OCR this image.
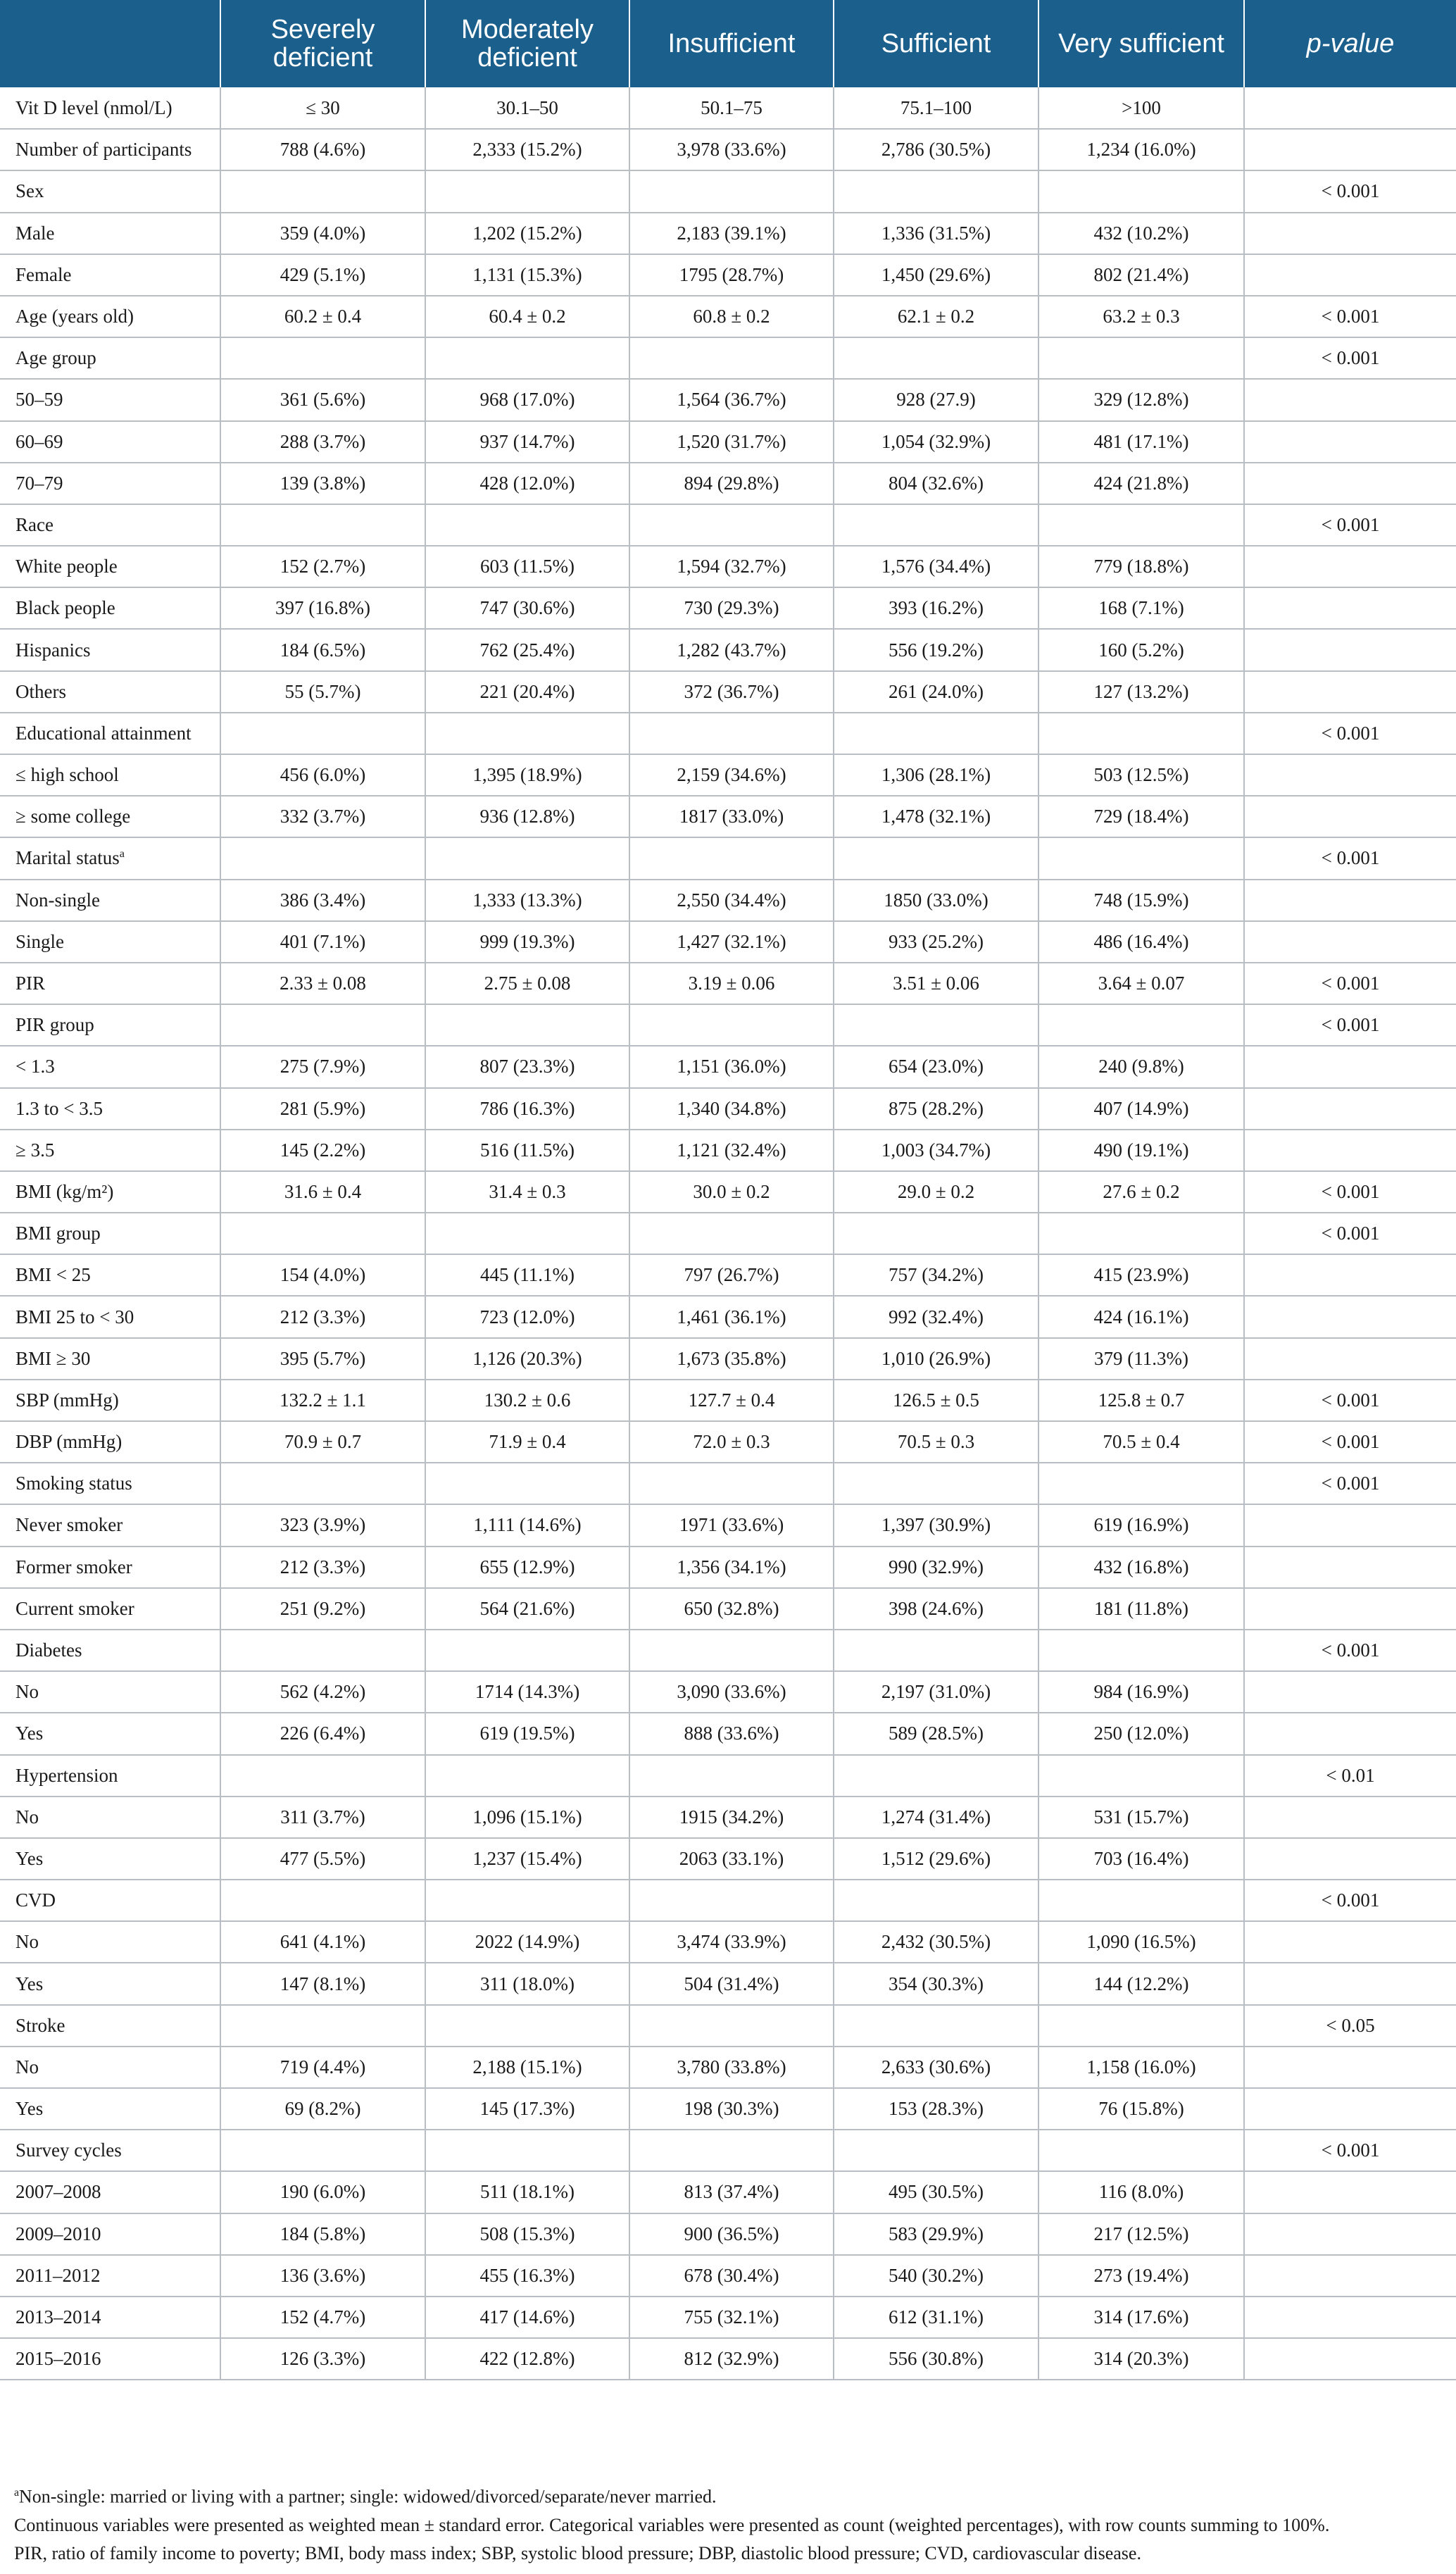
	Severely deficient	Moderately deficient	Insufficient	Sufficient	Very sufficient	p-value
Vit D level (nmol/L)	≤ 30	30.1–50	50.1–75	75.1–100	>100	
Number of participants	788 (4.6%)	2,333 (15.2%)	3,978 (33.6%)	2,786 (30.5%)	1,234 (16.0%)	
Sex						< 0.001
Male	359 (4.0%)	1,202 (15.2%)	2,183 (39.1%)	1,336 (31.5%)	432 (10.2%)	
Female	429 (5.1%)	1,131 (15.3%)	1795 (28.7%)	1,450 (29.6%)	802 (21.4%)	
Age (years old)	60.2 ± 0.4	60.4 ± 0.2	60.8 ± 0.2	62.1 ± 0.2	63.2 ± 0.3	< 0.001
Age group						< 0.001
50–59	361 (5.6%)	968 (17.0%)	1,564 (36.7%)	928 (27.9)	329 (12.8%)	
60–69	288 (3.7%)	937 (14.7%)	1,520 (31.7%)	1,054 (32.9%)	481 (17.1%)	
70–79	139 (3.8%)	428 (12.0%)	894 (29.8%)	804 (32.6%)	424 (21.8%)	
Race						< 0.001
White people	152 (2.7%)	603 (11.5%)	1,594 (32.7%)	1,576 (34.4%)	779 (18.8%)	
Black people	397 (16.8%)	747 (30.6%)	730 (29.3%)	393 (16.2%)	168 (7.1%)	
Hispanics	184 (6.5%)	762 (25.4%)	1,282 (43.7%)	556 (19.2%)	160 (5.2%)	
Others	55 (5.7%)	221 (20.4%)	372 (36.7%)	261 (24.0%)	127 (13.2%)	
Educational attainment						< 0.001
≤ high school	456 (6.0%)	1,395 (18.9%)	2,159 (34.6%)	1,306 (28.1%)	503 (12.5%)	
≥ some college	332 (3.7%)	936 (12.8%)	1817 (33.0%)	1,478 (32.1%)	729 (18.4%)	
Marital status$^a$						< 0.001
Non-single	386 (3.4%)	1,333 (13.3%)	2,550 (34.4%)	1850 (33.0%)	748 (15.9%)	
Single	401 (7.1%)	999 (19.3%)	1,427 (32.1%)	933 (25.2%)	486 (16.4%)	
PIR	2.33 ± 0.08	2.75 ± 0.08	3.19 ± 0.06	3.51 ± 0.06	3.64 ± 0.07	< 0.001
PIR group						< 0.001
< 1.3	275 (7.9%)	807 (23.3%)	1,151 (36.0%)	654 (23.0%)	240 (9.8%)	
1.3 to < 3.5	281 (5.9%)	786 (16.3%)	1,340 (34.8%)	875 (28.2%)	407 (14.9%)	
≥ 3.5	145 (2.2%)	516 (11.5%)	1,121 (32.4%)	1,003 (34.7%)	490 (19.1%)	
BMI (kg/m²)	31.6 ± 0.4	31.4 ± 0.3	30.0 ± 0.2	29.0 ± 0.2	27.6 ± 0.2	< 0.001
BMI group						< 0.001
BMI < 25	154 (4.0%)	445 (11.1%)	797 (26.7%)	757 (34.2%)	415 (23.9%)	
BMI 25 to < 30	212 (3.3%)	723 (12.0%)	1,461 (36.1%)	992 (32.4%)	424 (16.1%)	
BMI ≥ 30	395 (5.7%)	1,126 (20.3%)	1,673 (35.8%)	1,010 (26.9%)	379 (11.3%)	
SBP (mmHg)	132.2 ± 1.1	130.2 ± 0.6	127.7 ± 0.4	126.5 ± 0.5	125.8 ± 0.7	< 0.001
DBP (mmHg)	70.9 ± 0.7	71.9 ± 0.4	72.0 ± 0.3	70.5 ± 0.3	70.5 ± 0.4	< 0.001
Smoking status						< 0.001
Never smoker	323 (3.9%)	1,111 (14.6%)	1971 (33.6%)	1,397 (30.9%)	619 (16.9%)	
Former smoker	212 (3.3%)	655 (12.9%)	1,356 (34.1%)	990 (32.9%)	432 (16.8%)	
Current smoker	251 (9.2%)	564 (21.6%)	650 (32.8%)	398 (24.6%)	181 (11.8%)	
Diabetes						< 0.001
No	562 (4.2%)	1714 (14.3%)	3,090 (33.6%)	2,197 (31.0%)	984 (16.9%)	
Yes	226 (6.4%)	619 (19.5%)	888 (33.6%)	589 (28.5%)	250 (12.0%)	
Hypertension						< 0.01
No	311 (3.7%)	1,096 (15.1%)	1915 (34.2%)	1,274 (31.4%)	531 (15.7%)	
Yes	477 (5.5%)	1,237 (15.4%)	2063 (33.1%)	1,512 (29.6%)	703 (16.4%)	
CVD						< 0.001
No	641 (4.1%)	2022 (14.9%)	3,474 (33.9%)	2,432 (30.5%)	1,090 (16.5%)	
Yes	147 (8.1%)	311 (18.0%)	504 (31.4%)	354 (30.3%)	144 (12.2%)	
Stroke						< 0.05
No	719 (4.4%)	2,188 (15.1%)	3,780 (33.8%)	2,633 (30.6%)	1,158 (16.0%)	
Yes	69 (8.2%)	145 (17.3%)	198 (30.3%)	153 (28.3%)	76 (15.8%)	
Survey cycles						< 0.001
2007–2008	190 (6.0%)	511 (18.1%)	813 (37.4%)	495 (30.5%)	116 (8.0%)	
2009–2010	184 (5.8%)	508 (15.3%)	900 (36.5%)	583 (29.9%)	217 (12.5%)	
2011–2012	136 (3.6%)	455 (16.3%)	678 (30.4%)	540 (30.2%)	273 (19.4%)	
2013–2014	152 (4.7%)	417 (14.6%)	755 (32.1%)	612 (31.1%)	314 (17.6%)	
2015–2016	126 (3.3%)	422 (12.8%)	812 (32.9%)	556 (30.8%)	314 (20.3%)	

$^a$Non-single: married or living with a partner; single: widowed/divorced/separate/never married.

Continuous variables were presented as weighted mean ± standard error. Categorical variables were presented as count (weighted percentages), with row counts summing to 100%.

PIR, ratio of family income to poverty; BMI, body mass index; SBP, systolic blood pressure; DBP, diastolic blood pressure; CVD, cardiovascular disease.
